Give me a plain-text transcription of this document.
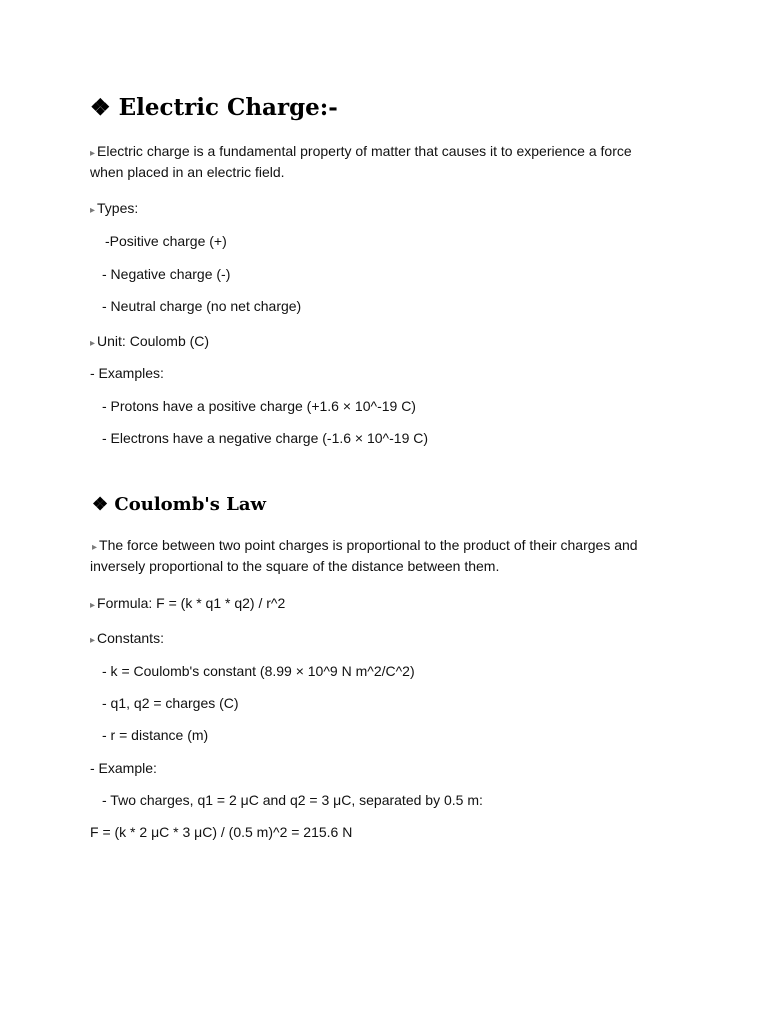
❖ Electric Charge:-
▸ Electric charge is a fundamental property of matter that causes it to experience a force
when placed in an electric field.
▸ Types:
-Positive charge (+)
- Negative charge (-)
- Neutral charge (no net charge)
▸ Unit: Coulomb (C)
- Examples:
- Protons have a positive charge (+1.6 × 10^-19 C)
- Electrons have a negative charge (-1.6 × 10^-19 C)
❖ Coulomb's Law
▸ The force between two point charges is proportional to the product of their charges and
inversely proportional to the square of the distance between them.
▸ Formula: F = (k * q1 * q2) / r^2
▸ Constants:
- k = Coulomb's constant (8.99 × 10^9 N m^2/C^2)
- q1, q2 = charges (C)
- r = distance (m)
- Example:
- Two charges, q1 = 2 μC and q2 = 3 μC, separated by 0.5 m:
F = (k * 2 μC * 3 μC) / (0.5 m)^2 = 215.6 N
